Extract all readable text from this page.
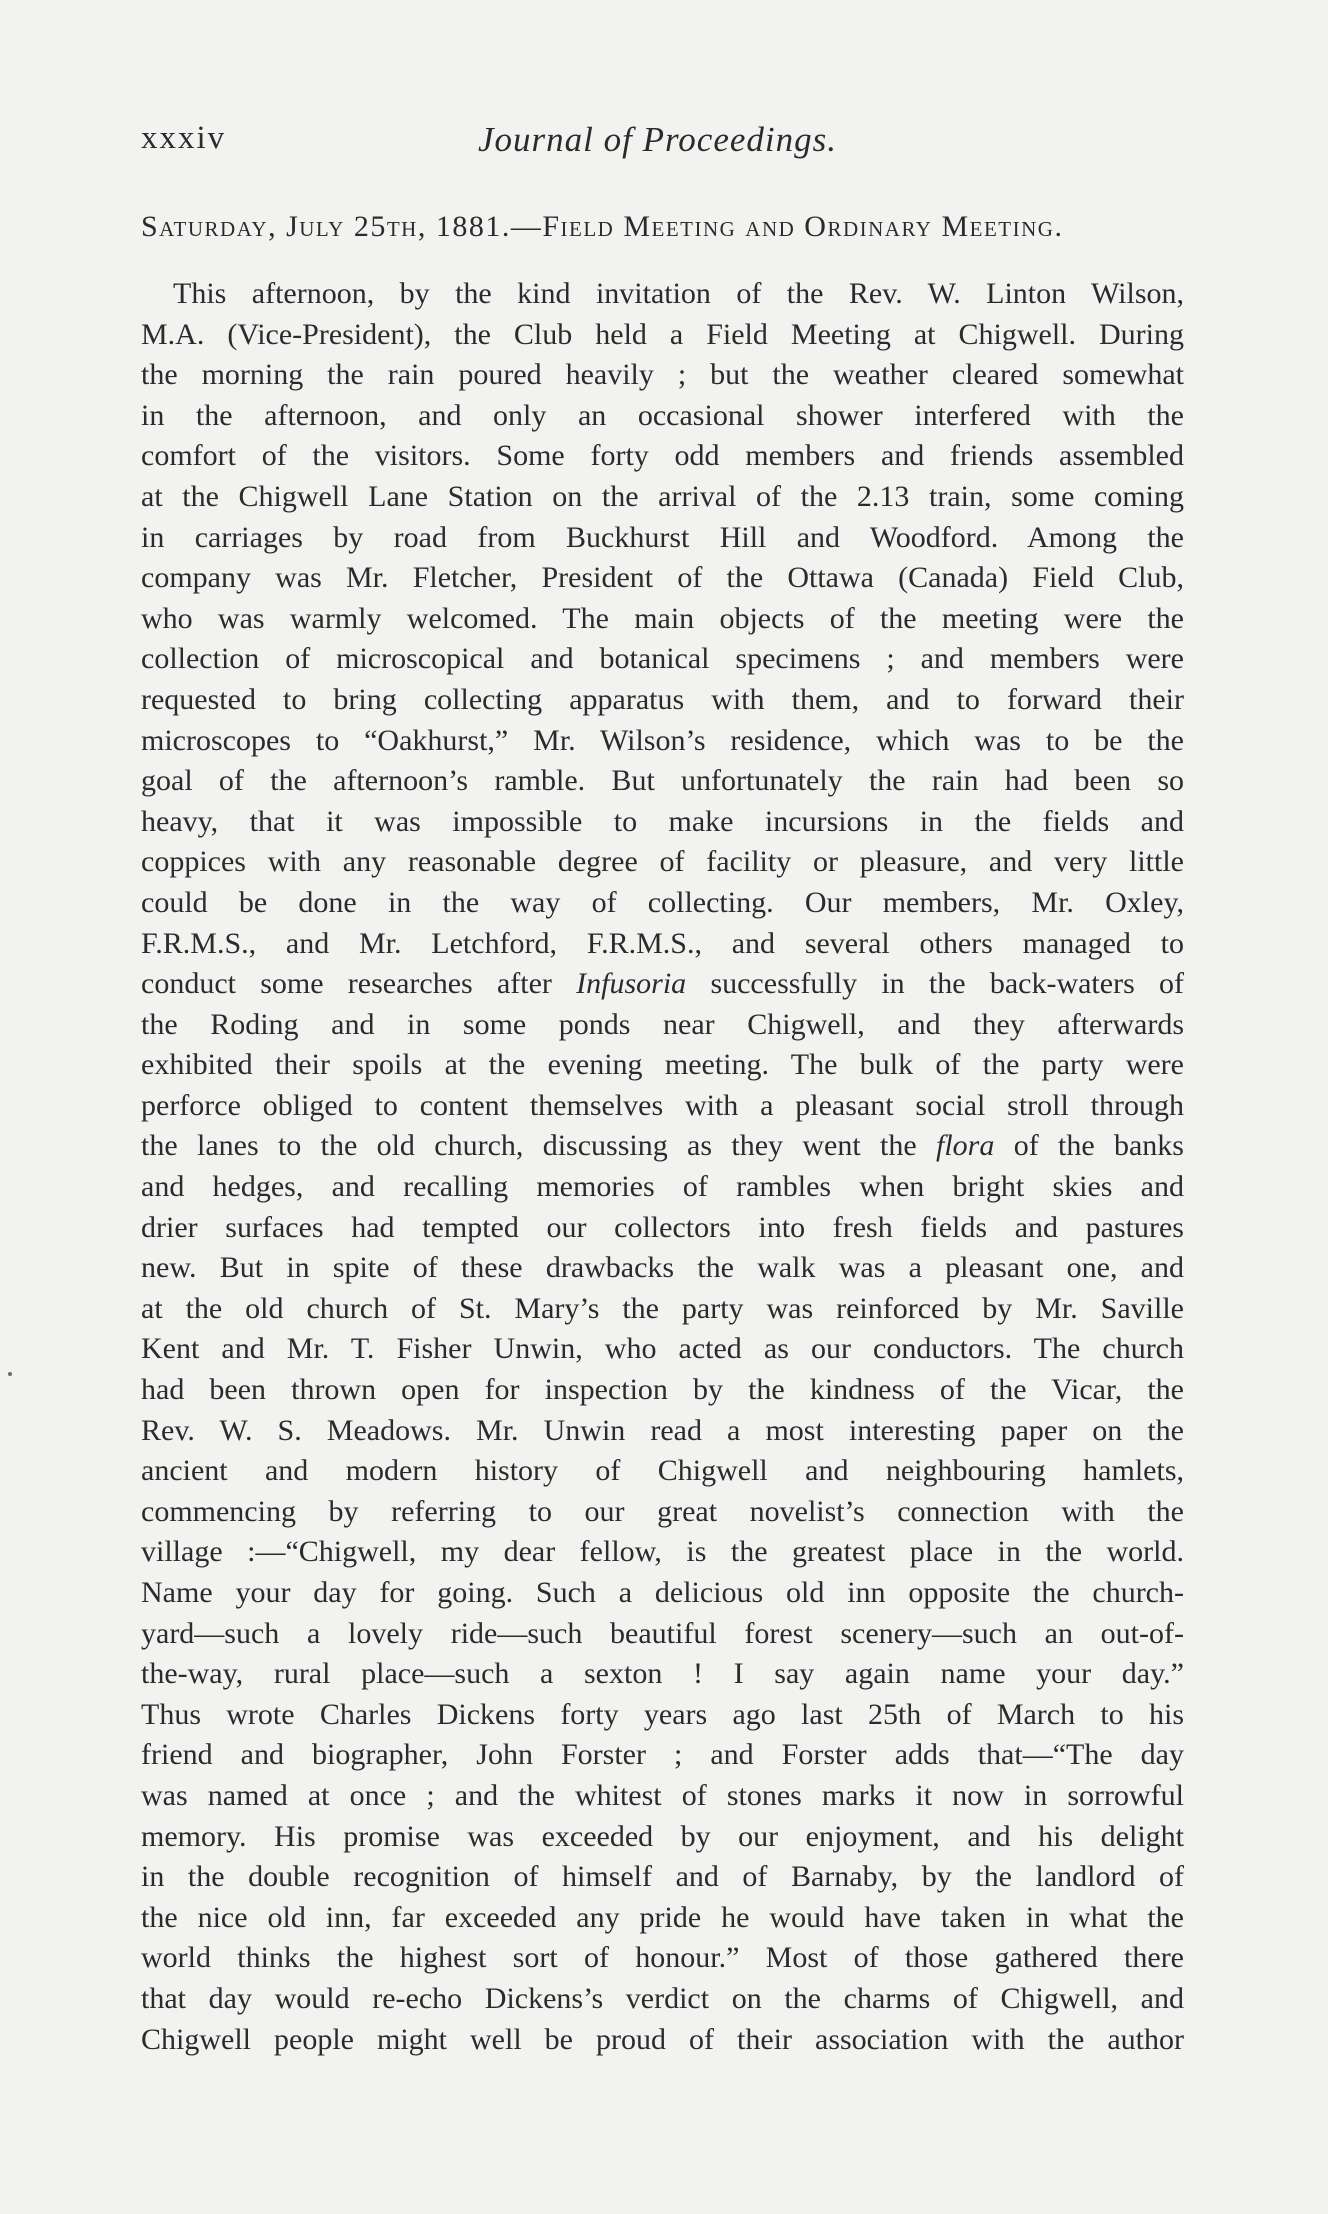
xxxiv	Journal of Proceedings.
Saturday, July 25th, 1881.—Field Meeting and Ordinary Meeting.
This afternoon, by the kind invitation of the Rev. W. Linton Wilson,
M.A. (Vice-President), the Club held a Field Meeting at Chigwell. During
the morning the rain poured heavily ; but the weather cleared somewhat
in the afternoon, and only an occasional shower interfered with the
comfort of the visitors. Some forty odd members and friends assembled
at the Chigwell Lane Station on the arrival of the 2.13 train, some coming
in carriages by road from Buckhurst Hill and Woodford. Among the
company was Mr. Fletcher, President of the Ottawa (Canada) Field Club,
who was warmly welcomed. The main objects of the meeting were the
collection of microscopical and botanical specimens ; and members were
requested to bring collecting apparatus with them, and to forward their
microscopes to “Oakhurst,” Mr. Wilson’s residence, which was to be the
goal of the afternoon’s ramble. But unfortunately the rain had been so
heavy, that it was impossible to make incursions in the fields and
coppices with any reasonable degree of facility or pleasure, and very little
could be done in the way of collecting. Our members, Mr. Oxley,
F.R.M.S., and Mr. Letchford, F.R.M.S., and several others managed to
conduct some researches after Infusoria successfully in the back-waters of
the Roding and in some ponds near Chigwell, and they afterwards
exhibited their spoils at the evening meeting. The bulk of the party were
perforce obliged to content themselves with a pleasant social stroll through
the lanes to the old church, discussing as they went the flora of the banks
and hedges, and recalling memories of rambles when bright skies and
drier surfaces had tempted our collectors into fresh fields and pastures
new. But in spite of these drawbacks the walk was a pleasant one, and
at the old church of St. Mary’s the party was reinforced by Mr. Saville
Kent and Mr. T. Fisher Unwin, who acted as our conductors. The church
had been thrown open for inspection by the kindness of the Vicar, the
Rev. W. S. Meadows. Mr. Unwin read a most interesting paper on the
ancient and modern history of Chigwell and neighbouring hamlets,
commencing by referring to our great novelist’s connection with the
village :—“Chigwell, my dear fellow, is the greatest place in the world.
Name your day for going. Such a delicious old inn opposite the church-
yard—such a lovely ride—such beautiful forest scenery—such an out-of-
the-way, rural place—such a sexton ! I say again name your day.”
Thus wrote Charles Dickens forty years ago last 25th of March to his
friend and biographer, John Forster ; and Forster adds that—“The day
was named at once ; and the whitest of stones marks it now in sorrowful
memory. His promise was exceeded by our enjoyment, and his delight
in the double recognition of himself and of Barnaby, by the landlord of
the nice old inn, far exceeded any pride he would have taken in what the
world thinks the highest sort of honour.” Most of those gathered there
that day would re-echo Dickens’s verdict on the charms of Chigwell, and
Chigwell people might well be proud of their association with the author
